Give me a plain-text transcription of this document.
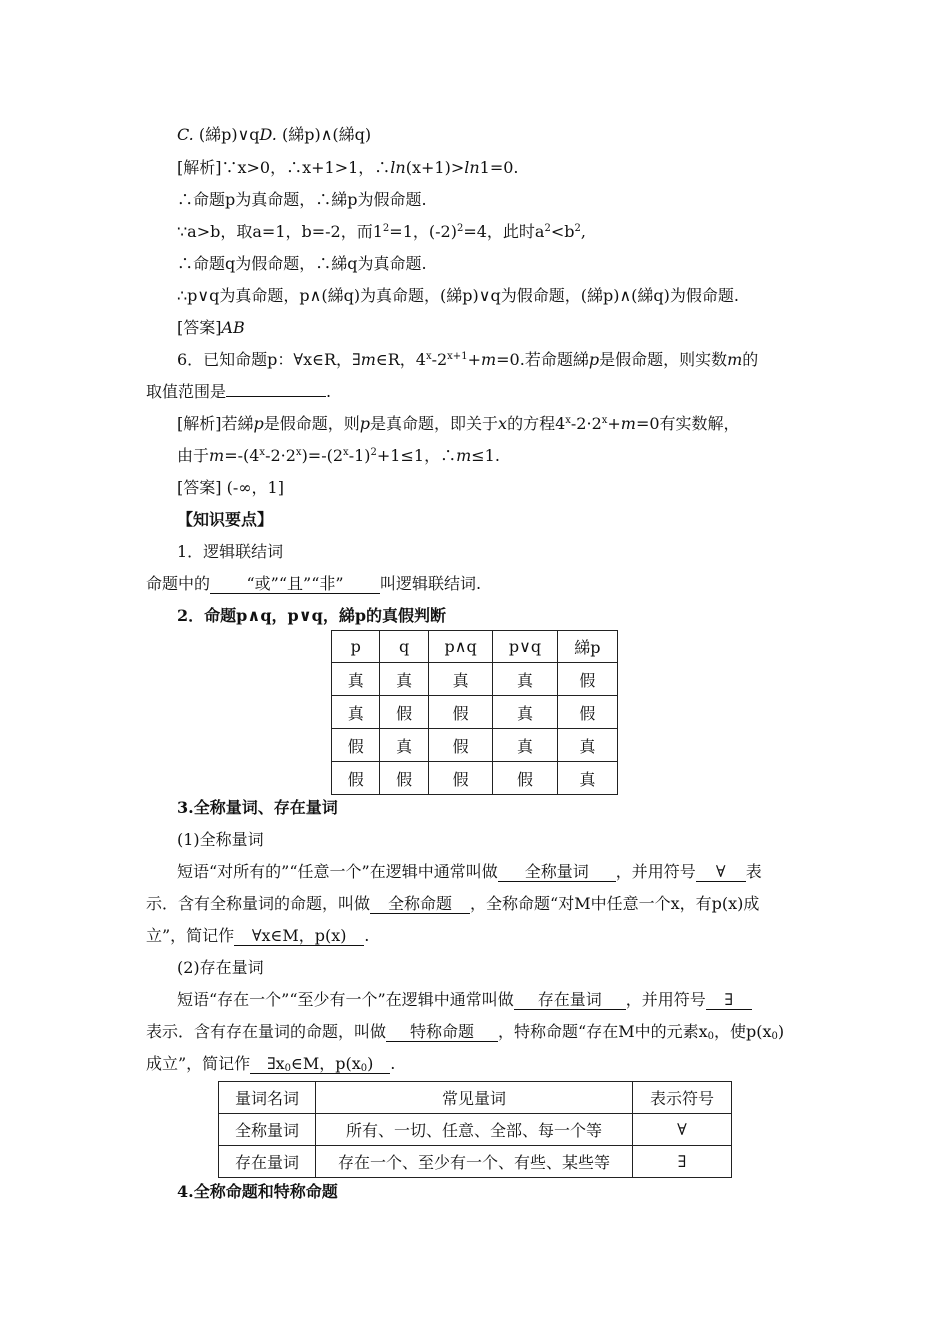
C. (綈p)∨qD. (綈p)∧(綈q)
[解析]∵x>0，∴x+1>1，∴ln(x+1)>ln1=0.
∴命题p为真命题，∴綈p为假命题.
∵a>b，取a=1，b=-2，而$1^2=1$，$(-2)^2=4$，此时$a^2<b^2$,
∴命题q为假命题，∴綈q为真命题.
∴p∨q为真命题，p∧(綈q)为真命题，(綈p)∨q为假命题，(綈p)∧(綈q)为假命题.
[答案]AB
6．已知命题p：∀x∈R，∃m∈R，$4^x-2^{x+1}+m=0$.若命题綈p是假命题，则实数m的
取值范围是	.
[解析]若綈p是假命题，则p是真命题，即关于x的方程$4^x-2\cdot 2^x+m=0$有实数解，
由于$m=-(4^x-2\cdot 2^x)=-(2^x-1)^2+1\le 1$，∴m≤1.
[答案] (-∞，1]
【知识要点】
1．逻辑联结词
命题中的 “或”“且”“非” 叫逻辑联结词.
2．命题p∧q，p∨q，綈p的真假判断
p	q	p∧q	p∨q	綈p
真	真	真	真	假
真	假	假	真	假
假	真	假	真	真
假	假	假	假	真
3.全称量词、存在量词
(1)全称量词
短语“对所有的”“任意一个”在逻辑中通常叫做 全称量词 ，并用符号 ∀ 表
示．含有全称量词的命题，叫做 全称命题 ，全称命题“对M中任意一个x，有p(x)成
立”，简记作 ∀x∈M，p(x) .
(2)存在量词
短语“存在一个”“至少有一个”在逻辑中通常叫做 存在量词 ，并用符号 ∃
表示．含有存在量词的命题，叫做 特称命题 ，特称命题“存在M中的元素$x_0$，使$p(x_0)$
成立”，简记作 $\exists x_0\in M$，$p(x_0)$ .
量词名词	常见量词	表示符号
全称量词	所有、一切、任意、全部、每一个等	∀
存在量词	存在一个、至少有一个、有些、某些等	∃
4.全称命题和特称命题
